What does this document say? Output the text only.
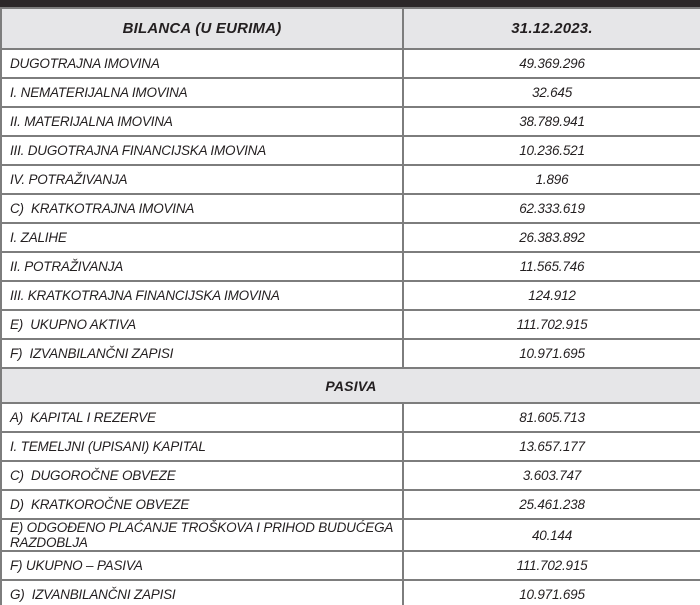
BILANCA (U EURIMA)	31.12.2023.
DUGOTRAJNA IMOVINA	49.369.296
I. NEMATERIJALNA IMOVINA	32.645
II. MATERIJALNA IMOVINA	38.789.941
III. DUGOTRAJNA FINANCIJSKA IMOVINA	10.236.521
IV. POTRAŽIVANJA	1.896
C)  KRATKOTRAJNA IMOVINA	62.333.619
I. ZALIHE	26.383.892
II. POTRAŽIVANJA	11.565.746
III. KRATKOTRAJNA FINANCIJSKA IMOVINA	124.912
E)  UKUPNO AKTIVA	111.702.915
F)  IZVANBILANČNI ZAPISI	10.971.695
PASIVA	
A)  KAPITAL I REZERVE	81.605.713
I. TEMELJNI (UPISANI) KAPITAL	13.657.177
C)  DUGOROČNE OBVEZE	3.603.747
D)  KRATKOROČNE OBVEZE	25.461.238
E) ODGOĐENO PLAĆANJE TROŠKOVA I PRIHOD BUDUĆEGA RAZDOBLJA	40.144
F) UKUPNO – PASIVA	111.702.915
G)  IZVANBILANČNI ZAPISI	10.971.695
